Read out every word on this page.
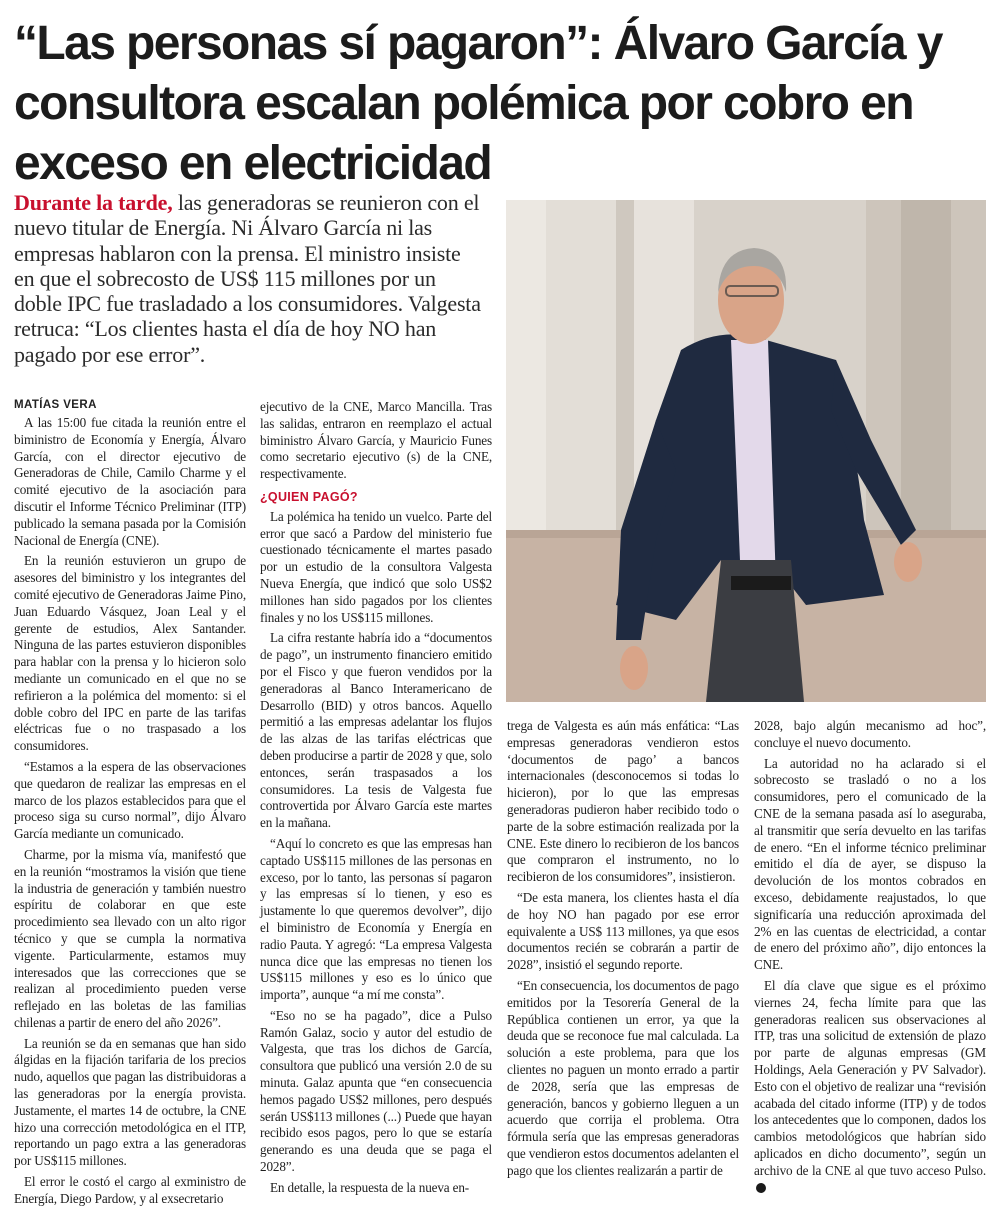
“Las personas sí pagaron”: Álvaro García y consultora escalan polémica por cobro en exceso en electricidad
Durante la tarde, las generadoras se reunieron con el nuevo titular de Energía. Ni Álvaro García ni las empresas hablaron con la prensa. El ministro insiste en que el sobrecosto de US$ 115 millones por un doble IPC fue trasladado a los consumidores. Valgesta retruca: “Los clientes hasta el día de hoy NO han pagado por ese error”.
MATÍAS VERA

A las 15:00 fue citada la reunión entre el biministro de Economía y Energía, Álvaro García, con el director ejecutivo de Generadoras de Chile, Camilo Charme y el comité ejecutivo de la asociación para discutir el Informe Técnico Preliminar (ITP) publicado la semana pasada por la Comisión Nacional de Energía (CNE).

En la reunión estuvieron un grupo de asesores del biministro y los integrantes del comité ejecutivo de Generadoras Jaime Pino, Juan Eduardo Vásquez, Joan Leal y el gerente de estudios, Alex Santander. Ninguna de las partes estuvieron disponibles para hablar con la prensa y lo hicieron solo mediante un comunicado en el que no se refirieron a la polémica del momento: si el doble cobro del IPC en parte de las tarifas eléctricas fue o no traspasado a los consumidores.

“Estamos a la espera de las observaciones que quedaron de realizar las empresas en el marco de los plazos establecidos para que el proceso siga su curso normal”, dijo Álvaro García mediante un comunicado.

Charme, por la misma vía, manifestó que en la reunión “mostramos la visión que tiene la industria de generación y también nuestro espíritu de colaborar en que este procedimiento sea llevado con un alto rigor técnico y que se cumpla la normativa vigente. Particularmente, estamos muy interesados que las correcciones que se realizan al procedimiento pueden verse reflejado en las boletas de las familias chilenas a partir de enero del año 2026”.

La reunión se da en semanas que han sido álgidas en la fijación tarifaria de los precios nudo, aquellos que pagan las distribuidoras a las generadoras por la energía provista. Justamente, el martes 14 de octubre, la CNE hizo una corrección metodológica en el ITP, reportando un pago extra a las generadoras por US$115 millones.

El error le costó el cargo al exministro de Energía, Diego Pardow, y al exsecretario

ejecutivo de la CNE, Marco Mancilla. Tras las salidas, entraron en reemplazo el actual biministro Álvaro García, y Mauricio Funes como secretario ejecutivo (s) de la CNE, respectivamente.

¿QUIEN PAGÓ?

La polémica ha tenido un vuelco. Parte del error que sacó a Pardow del ministerio fue cuestionado técnicamente el martes pasado por un estudio de la consultora Valgesta Nueva Energía, que indicó que solo US$2 millones han sido pagados por los clientes finales y no los US$115 millones.

La cifra restante habría ido a “documentos de pago”, un instrumento financiero emitido por el Fisco y que fueron vendidos por la generadoras al Banco Interamericano de Desarrollo (BID) y otros bancos. Aquello permitió a las empresas adelantar los flujos de las alzas de las tarifas eléctricas que deben producirse a partir de 2028 y que, solo entonces, serán traspasados a los consumidores. La tesis de Valgesta fue controvertida por Álvaro García este martes en la mañana.

“Aquí lo concreto es que las empresas han captado US$115 millones de las personas en exceso, por lo tanto, las personas sí pagaron y las empresas sí lo tienen, y eso es justamente lo que queremos devolver”, dijo el biministro de Economía y Energía en radio Pauta. Y agregó: “La empresa Valgesta nunca dice que las empresas no tienen los US$115 millones y eso es lo único que importa”, aunque “a mí me consta”.

“Eso no se ha pagado”, dice a Pulso Ramón Galaz, socio y autor del estudio de Valgesta, que tras los dichos de García, consultora que publicó una versión 2.0 de su minuta. Galaz apunta que “en consecuencia hemos pagado US$2 millones, pero después serán US$113 millones (...) Puede que hayan recibido esos pagos, pero lo que se estaría generando es una deuda que se paga el 2028”.

En detalle, la respuesta de la nueva en-

trega de Valgesta es aún más enfática: “Las empresas generadoras vendieron estos ‘documentos de pago’ a bancos internacionales (desconocemos si todas lo hicieron), por lo que las empresas generadoras pudieron haber recibido todo o parte de la sobre estimación realizada por la CNE. Este dinero lo recibieron de los bancos que compraron el instrumento, no lo recibieron de los consumidores”, insistieron.

“De esta manera, los clientes hasta el día de hoy NO han pagado por ese error equivalente a US$ 113 millones, ya que esos documentos recién se cobrarán a partir de 2028”, insistió el segundo reporte.

“En consecuencia, los documentos de pago emitidos por la Tesorería General de la República contienen un error, ya que la deuda que se reconoce fue mal calculada. La solución a este problema, para que los clientes no paguen un monto errado a partir de 2028, sería que las empresas de generación, bancos y gobierno lleguen a un acuerdo que corrija el problema. Otra fórmula sería que las empresas generadoras que vendieron estos documentos adelanten el pago que los clientes realizarán a partir de

2028, bajo algún mecanismo ad hoc”, concluye el nuevo documento.

La autoridad no ha aclarado si el sobrecosto se trasladó o no a los consumidores, pero el comunicado de la CNE de la semana pasada así lo aseguraba, al transmitir que sería devuelto en las tarifas de enero. “En el informe técnico preliminar emitido el día de ayer, se dispuso la devolución de los montos cobrados en exceso, debidamente reajustados, lo que significaría una reducción aproximada del 2% en las cuentas de electricidad, a contar de enero del próximo año”, dijo entonces la CNE.

El día clave que sigue es el próximo viernes 24, fecha límite para que las generadoras realicen sus observaciones al ITP, tras una solicitud de extensión de plazo por parte de algunas empresas (GM Holdings, Aela Generación y PV Salvador). Esto con el objetivo de realizar una “revisión acabada del citado informe (ITP) y de todos los antecedentes que lo componen, dados los cambios metodológicos que habrían sido aplicados en dicho documento”, según un archivo de la CNE al que tuvo acceso Pulso.
